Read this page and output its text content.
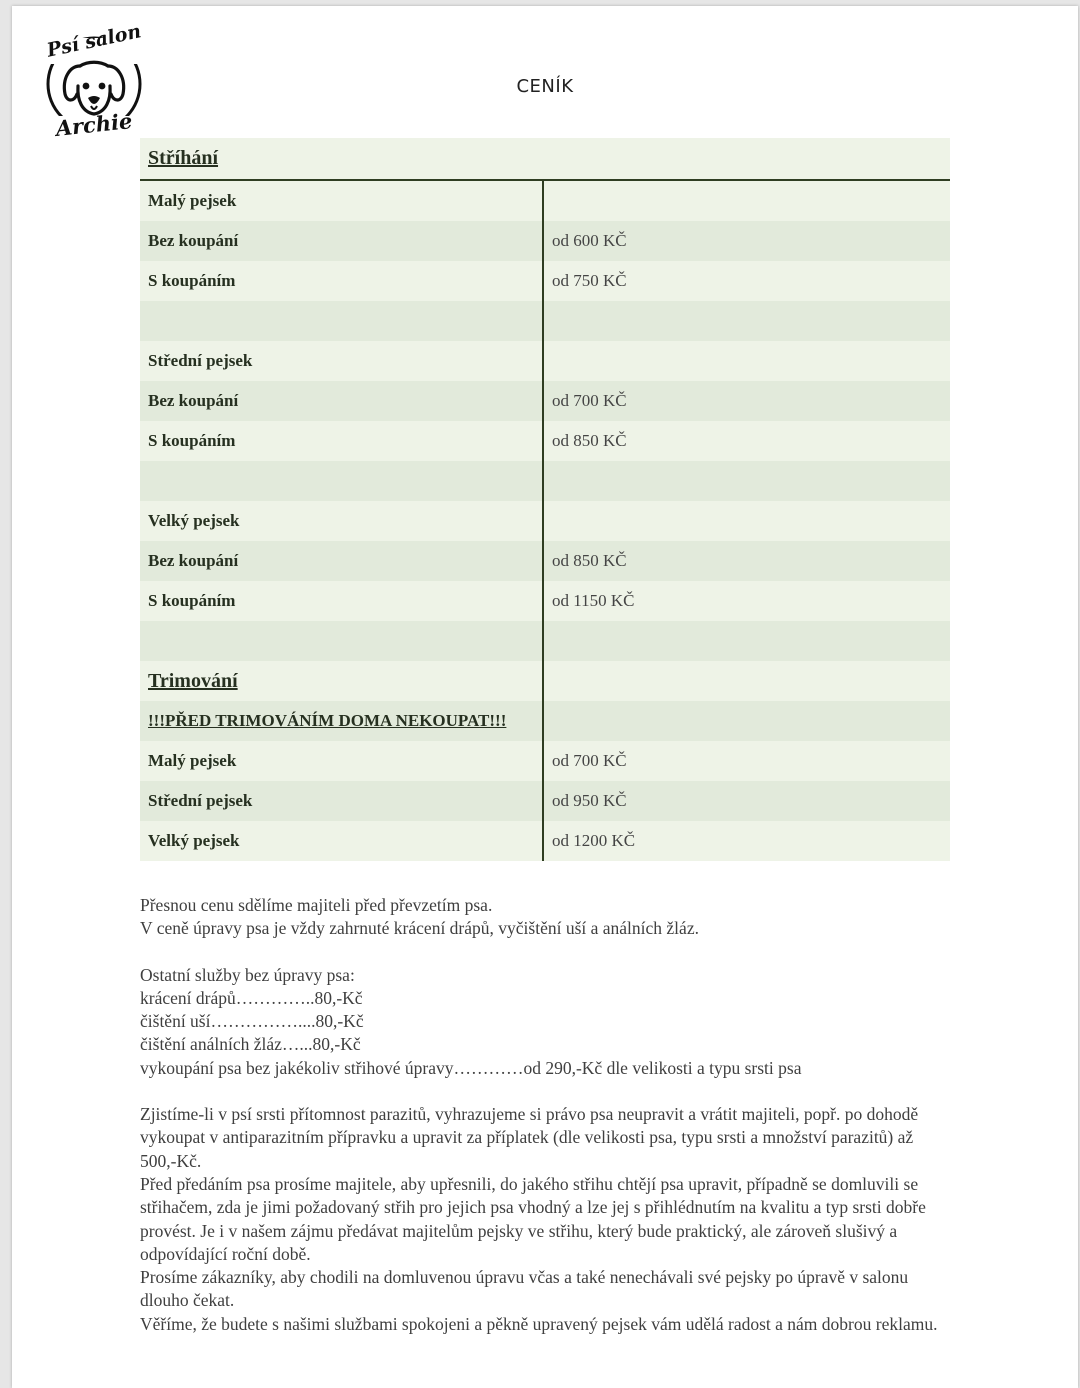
Psí salon
Archie
CENÍK
Stříhání
Malý pejsek
Bez koupání	od 600 KČ
S koupáním	od 750 KČ
Střední pejsek
Bez koupání	od 700 KČ
S koupáním	od 850 KČ
Velký pejsek
Bez koupání	od 850 KČ
S koupáním	od 1150 KČ
Trimování
!!!PŘED TRIMOVÁNÍM DOMA NEKOUPAT!!!
Malý pejsek	od 700 KČ
Střední pejsek	od 950 KČ
Velký pejsek	od 1200 KČ

Přesnou cenu sdělíme majiteli před převzetím psa.

V ceně úpravy psa je vždy zahrnuté krácení drápů, vyčištění uší a análních žláz.

Ostatní služby bez úpravy psa:

krácení drápů…………..80,-Kč

čištění uší……………....80,-Kč

čištění análních žláz…...80,-Kč

vykoupání psa bez jakékoliv střihové úpravy…………od 290,-Kč dle velikosti a typu srsti psa

Zjistíme-li v psí srsti přítomnost parazitů, vyhrazujeme si právo psa neupravit a vrátit majiteli, popř. po dohodě vykoupat v antiparazitním přípravku a upravit za příplatek (dle velikosti psa, typu srsti a množství parazitů) až 500,-Kč.

Před předáním psa prosíme majitele, aby upřesnili, do jakého střihu chtějí psa upravit, případně se domluvili se střihačem, zda je jimi požadovaný střih pro jejich psa vhodný a lze jej s přihlédnutím na kvalitu a typ srsti dobře provést. Je i v našem zájmu předávat majitelům pejsky ve střihu, který bude praktický, ale zároveň slušivý a odpovídající roční době.

Prosíme zákazníky, aby chodili na domluvenou úpravu včas a také nenechávali své pejsky po úpravě v salonu dlouho čekat.

Věříme, že budete s našimi službami spokojeni a pěkně upravený pejsek vám udělá radost a nám dobrou reklamu.
